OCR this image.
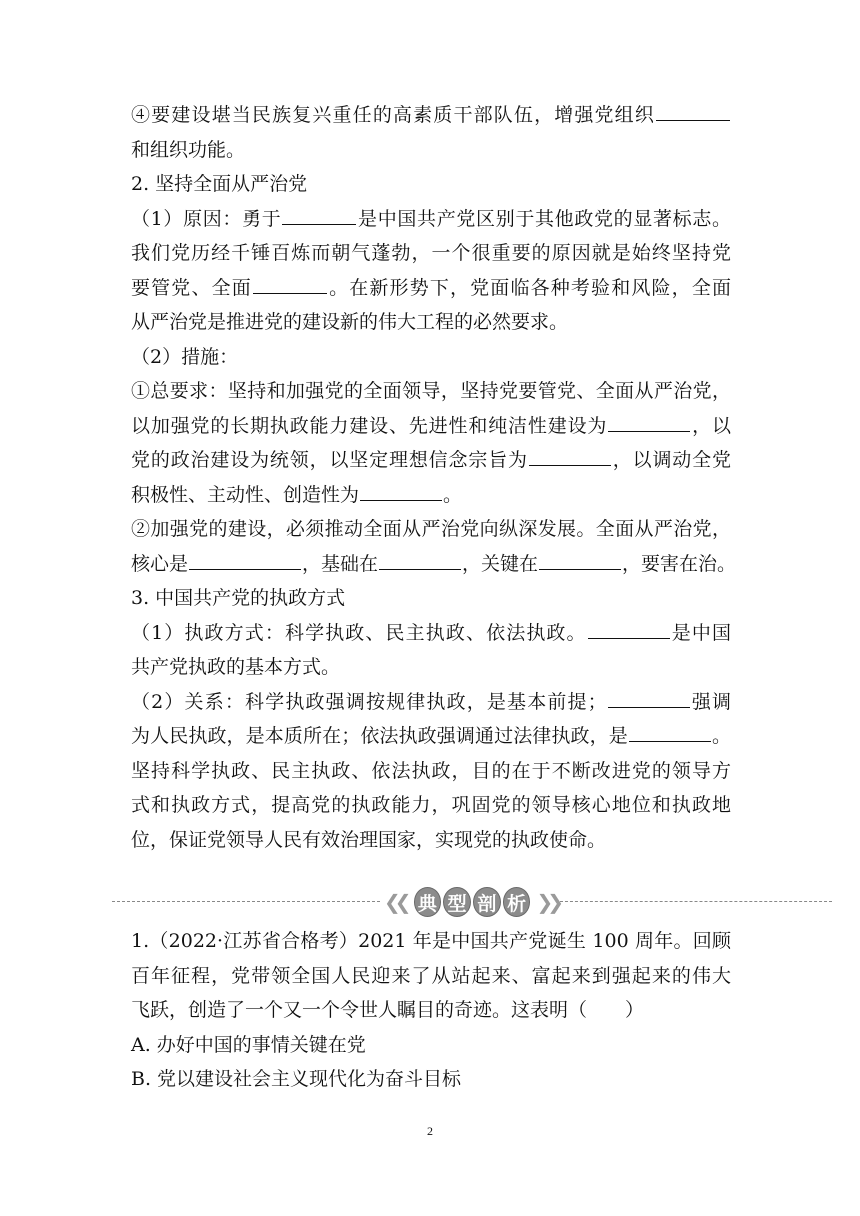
④要建设堪当民族复兴重任的高素质干部队伍，增强党组织
和组织功能。
2. 坚持全面从严治党
（1）原因：勇于	是中国共产党区别于其他政党的显著标志。
我们党历经千锤百炼而朝气蓬勃，一个很重要的原因就是始终坚持党
要管党、全面	。在新形势下，党面临各种考验和风险，全面
从严治党是推进党的建设新的伟大工程的必然要求。
（2）措施：
①总要求：坚持和加强党的全面领导，坚持党要管党、全面从严治党，
以加强党的长期执政能力建设、先进性和纯洁性建设为	，以
党的政治建设为统领，以坚定理想信念宗旨为	，以调动全党
积极性、主动性、创造性为	。
②加强党的建设，必须推动全面从严治党向纵深发展。全面从严治党，
核心是	，基础在	，关键在	，要害在治。
3. 中国共产党的执政方式
（1）执政方式：科学执政、民主执政、依法执政。	是中国
共产党执政的基本方式。
（2）关系：科学执政强调按规律执政，是基本前提；	强调
为人民执政，是本质所在；依法执政强调通过法律执政，是	。
坚持科学执政、民主执政、依法执政，目的在于不断改进党的领导方
式和执政方式，提高党的执政能力，巩固党的领导核心地位和执政地
位，保证党领导人民有效治理国家，实现党的执政使命。
❮❮ 典 型 剖 析 ❯❯
1.（2022·江苏省合格考）2021 年是中国共产党诞生 100 周年。回顾
百年征程，党带领全国人民迎来了从站起来、富起来到强起来的伟大
飞跃，创造了一个又一个令世人瞩目的奇迹。这表明（　　）
A. 办好中国的事情关键在党
B. 党以建设社会主义现代化为奋斗目标
2
